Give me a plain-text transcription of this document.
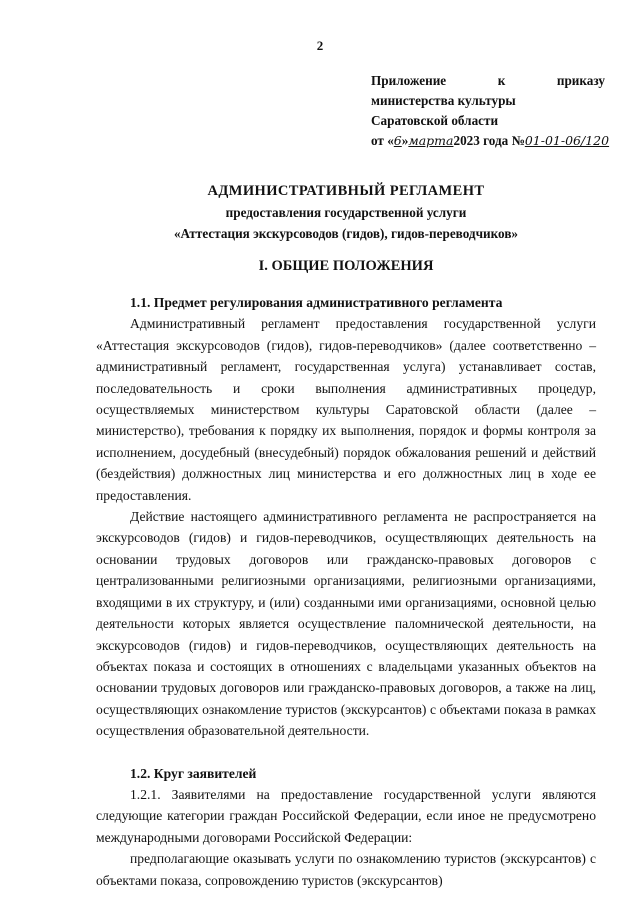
2
Приложение	к	приказу
министерства культуры
Саратовской области
от «6»марта2023 года №01-01-06/120
АДМИНИСТРАТИВНЫЙ РЕГЛАМЕНТ
предоставления государственной услуги
«Аттестация экскурсоводов (гидов), гидов-переводчиков»
I. ОБЩИЕ ПОЛОЖЕНИЯ

1.1. Предмет регулирования административного регламента

Административный регламент предоставления государственной услуги «Аттестация экскурсоводов (гидов), гидов-переводчиков» (далее соответственно – административный регламент, государственная услуга) устанавливает состав, последовательность и сроки выполнения административных процедур, осуществляемых министерством культуры Саратовской области (далее – министерство), требования к порядку их выполнения, порядок и формы контроля за исполнением, досудебный (внесудебный) порядок обжалования решений и действий (бездействия) должностных лиц министерства и его должностных лиц в ходе ее предоставления.

Действие настоящего административного регламента не распространяется на экскурсоводов (гидов) и гидов-переводчиков, осуществляющих деятельность на основании трудовых договоров или гражданско-правовых договоров с централизованными религиозными организациями, религиозными организациями, входящими в их структуру, и (или) созданными ими организациями, основной целью деятельности которых является осуществление паломнической деятельности, на экскурсоводов (гидов) и гидов-переводчиков, осуществляющих деятельность на объектах показа и состоящих в отношениях с владельцами указанных объектов на основании трудовых договоров или гражданско-правовых договоров, а также на лиц, осуществляющих ознакомление туристов (экскурсантов) с объектами показа в рамках осуществления образовательной деятельности.

1.2. Круг заявителей

1.2.1. Заявителями на предоставление государственной услуги являются следующие категории граждан Российской Федерации, если иное не предусмотрено международными договорами Российской Федерации:

предполагающие оказывать услуги по ознакомлению туристов (экскурсантов) с объектами показа, сопровождению туристов (экскурсантов)
